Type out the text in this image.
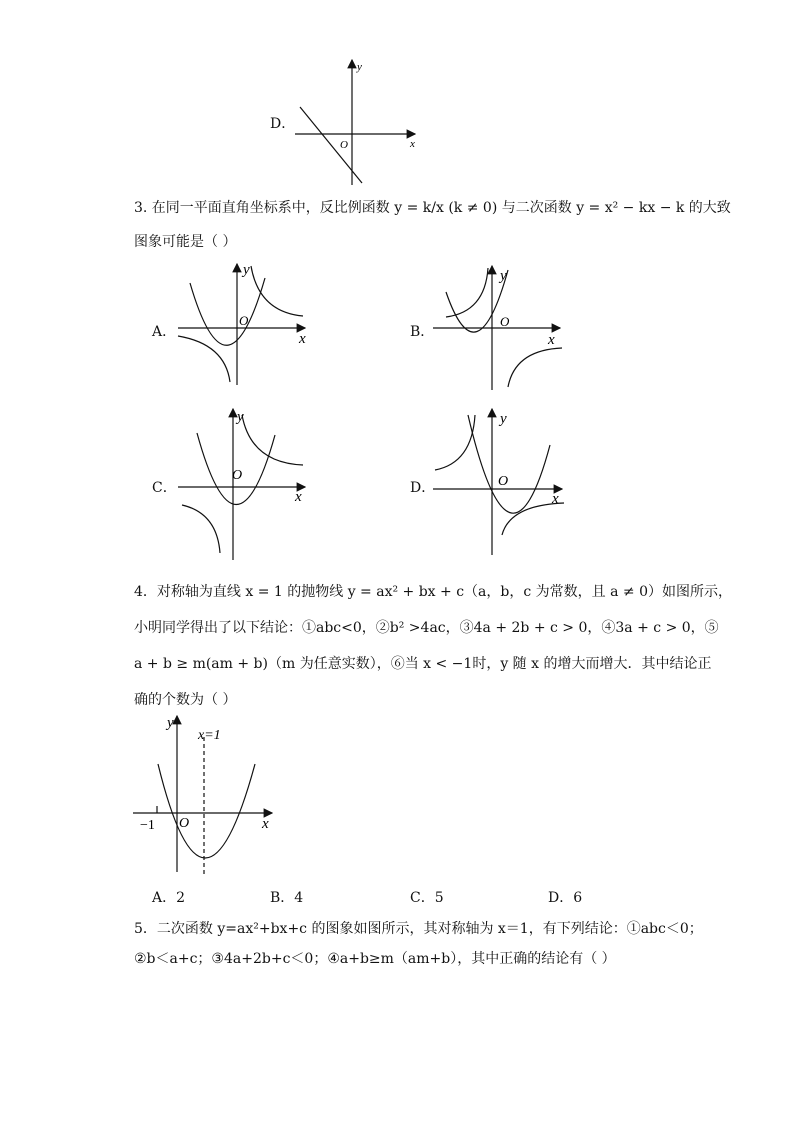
D．
x
y
O
3. 在同一平面直角坐标系中，反比例函数 y = k/x (k ≠ 0) 与二次函数 y = x² − kx − k 的大致
图象可能是（ ）
A．	x
y
O
B．	x
y
O
C．
x
y
O
D．
x
y
O
4．对称轴为直线 x = 1 的抛物线 y = ax² + bx + c（a，b，c 为常数，且 a ≠ 0）如图所示，
小明同学得出了以下结论：①abc<0，②b² >4ac，③4a + 2b + c > 0，④3a + c > 0，⑤
a + b ≥ m(am + b)（m 为任意实数），⑥当 x < −1时，y 随 x 的增大而增大．其中结论正
确的个数为（ ）
x=1
x
y
O
−1
A．2	B．4	C．5	D．6
5．二次函数 y=ax²+bx+c 的图象如图所示，其对称轴为 x＝1，有下列结论：①abc＜0；
②b＜a+c；③4a+2b+c＜0；④a+b≥m（am+b），其中正确的结论有（ ）
